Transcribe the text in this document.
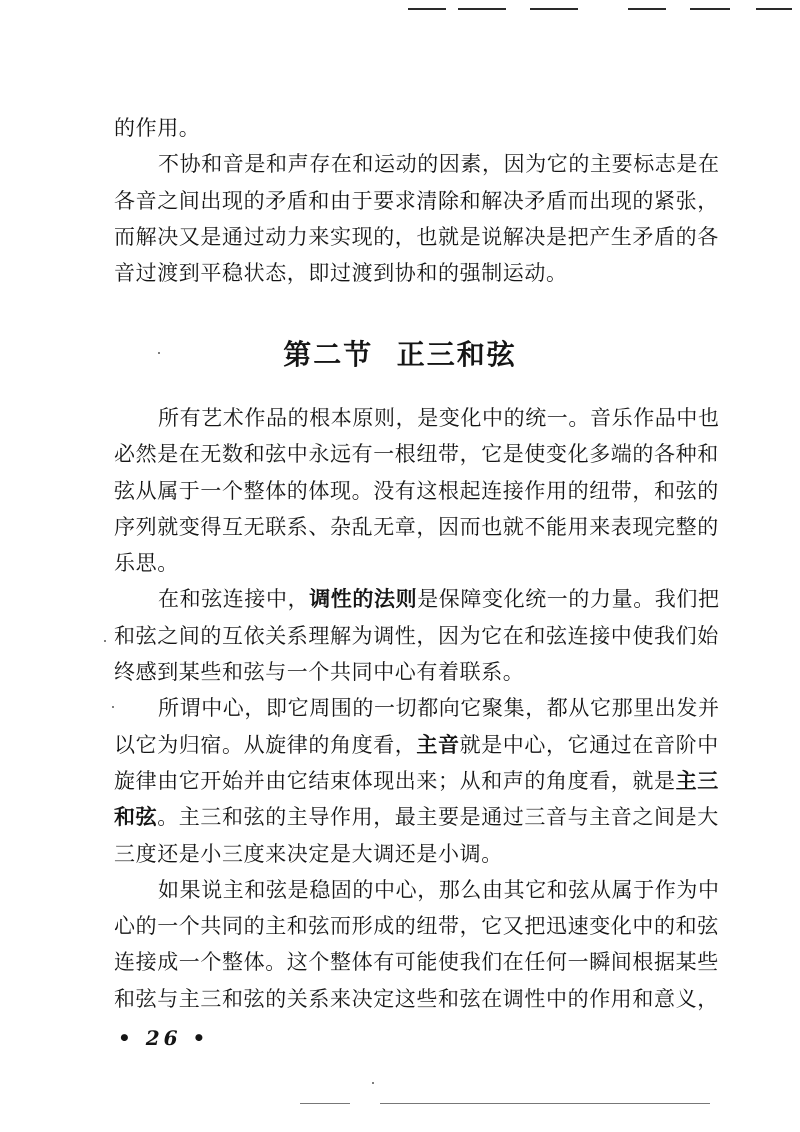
的作用。
不协和音是和声存在和运动的因素，因为它的主要标志是在
各音之间出现的矛盾和由于要求清除和解决矛盾而出现的紧张，
而解决又是通过动力来实现的，也就是说解决是把产生矛盾的各
音过渡到平稳状态，即过渡到协和的强制运动。
第二节  正三和弦
所有艺术作品的根本原则，是变化中的统一。音乐作品中也
必然是在无数和弦中永远有一根纽带，它是使变化多端的各种和
弦从属于一个整体的体现。没有这根起连接作用的纽带，和弦的
序列就变得互无联系、杂乱无章，因而也就不能用来表现完整的
乐思。
在和弦连接中，调性的法则是保障变化统一的力量。我们把
和弦之间的互依关系理解为调性，因为它在和弦连接中使我们始
终感到某些和弦与一个共同中心有着联系。
所谓中心，即它周围的一切都向它聚集，都从它那里出发并
以它为归宿。从旋律的角度看，主音就是中心，它通过在音阶中
旋律由它开始并由它结束体现出来；从和声的角度看，就是主三
和弦。主三和弦的主导作用，最主要是通过三音与主音之间是大
三度还是小三度来决定是大调还是小调。
如果说主和弦是稳固的中心，那么由其它和弦从属于作为中
心的一个共同的主和弦而形成的纽带，它又把迅速变化中的和弦
连接成一个整体。这个整体有可能使我们在任何一瞬间根据某些
和弦与主三和弦的关系来决定这些和弦在调性中的作用和意义，
• 26 •
